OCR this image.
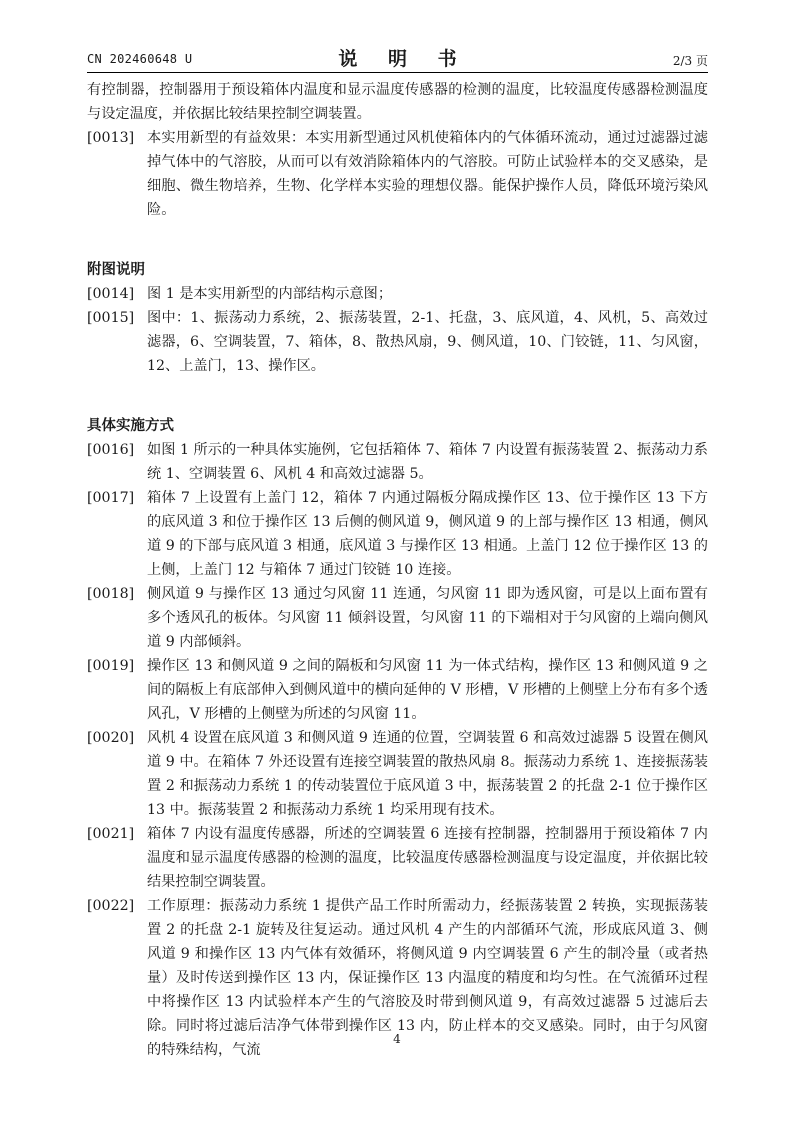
CN 202460648 U	说 明 书	2/3 页

有控制器，控制器用于预设箱体内温度和显示温度传感器的检测的温度，比较温度传感器检测温度与设定温度，并依据比较结果控制空调装置。

[0013] 本实用新型的有益效果：本实用新型通过风机使箱体内的气体循环流动，通过过滤器过滤掉气体中的气溶胶，从而可以有效消除箱体内的气溶胶。可防止试验样本的交叉感染，是细胞、微生物培养，生物、化学样本实验的理想仪器。能保护操作人员，降低环境污染风险。
附图说明
[0014] 图 1 是本实用新型的内部结构示意图；
[0015] 图中：1、振荡动力系统，2、振荡装置，2-1、托盘，3、底风道，4、风机，5、高效过滤器，6、空调装置，7、箱体，8、散热风扇，9、侧风道，10、门铰链，11、匀风窗，12、上盖门，13、操作区。
具体实施方式
[0016] 如图 1 所示的一种具体实施例，它包括箱体 7、箱体 7 内设置有振荡装置 2、振荡动力系统 1、空调装置 6、风机 4 和高效过滤器 5。
[0017] 箱体 7 上设置有上盖门 12，箱体 7 内通过隔板分隔成操作区 13、位于操作区 13 下方的底风道 3 和位于操作区 13 后侧的侧风道 9，侧风道 9 的上部与操作区 13 相通，侧风道 9 的下部与底风道 3 相通，底风道 3 与操作区 13 相通。上盖门 12 位于操作区 13 的上侧，上盖门 12 与箱体 7 通过门铰链 10 连接。
[0018] 侧风道 9 与操作区 13 通过匀风窗 11 连通，匀风窗 11 即为透风窗，可是以上面布置有多个透风孔的板体。匀风窗 11 倾斜设置，匀风窗 11 的下端相对于匀风窗的上端向侧风道 9 内部倾斜。
[0019] 操作区 13 和侧风道 9 之间的隔板和匀风窗 11 为一体式结构，操作区 13 和侧风道 9 之间的隔板上有底部伸入到侧风道中的横向延伸的 V 形槽，V 形槽的上侧壁上分布有多个透风孔，V 形槽的上侧壁为所述的匀风窗 11。
[0020] 风机 4 设置在底风道 3 和侧风道 9 连通的位置，空调装置 6 和高效过滤器 5 设置在侧风道 9 中。在箱体 7 外还设置有连接空调装置的散热风扇 8。振荡动力系统 1、连接振荡装置 2 和振荡动力系统 1 的传动装置位于底风道 3 中，振荡装置 2 的托盘 2-1 位于操作区 13 中。振荡装置 2 和振荡动力系统 1 均采用现有技术。
[0021] 箱体 7 内设有温度传感器，所述的空调装置 6 连接有控制器，控制器用于预设箱体 7 内温度和显示温度传感器的检测的温度，比较温度传感器检测温度与设定温度，并依据比较结果控制空调装置。
[0022] 工作原理：振荡动力系统 1 提供产品工作时所需动力，经振荡装置 2 转换，实现振荡装置 2 的托盘 2-1 旋转及往复运动。通过风机 4 产生的内部循环气流，形成底风道 3、侧风道 9 和操作区 13 内气体有效循环，将侧风道 9 内空调装置 6 产生的制冷量（或者热量）及时传送到操作区 13 内，保证操作区 13 内温度的精度和均匀性。在气流循环过程中将操作区 13 内试验样本产生的气溶胶及时带到侧风道 9，有高效过滤器 5 过滤后去除。同时将过滤后洁净气体带到操作区 13 内，防止样本的交叉感染。同时，由于匀风窗的特殊结构，气流
4
